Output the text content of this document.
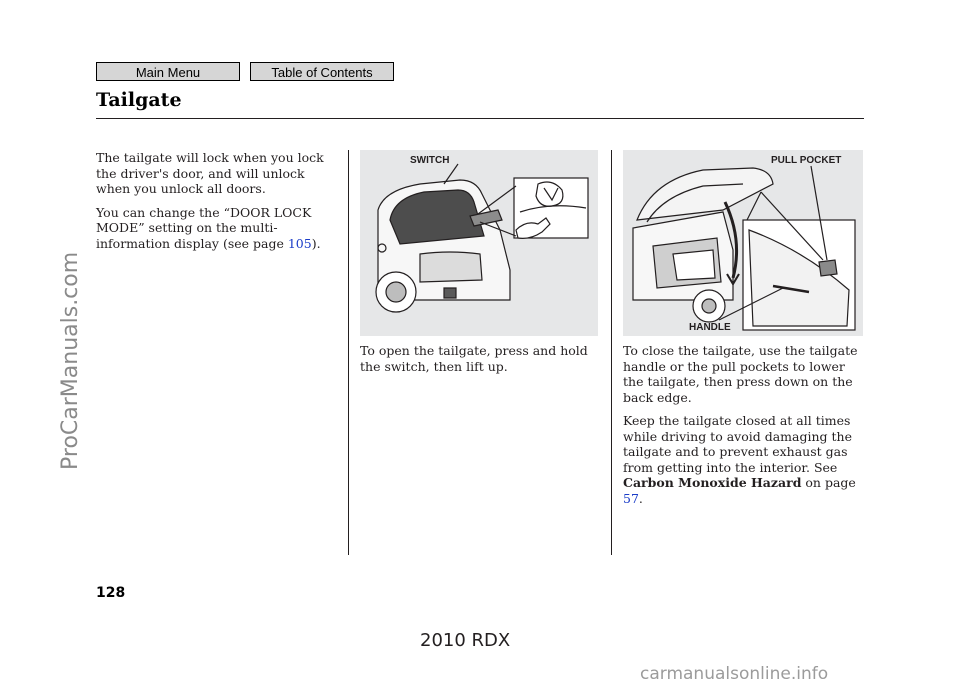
Main Menu	Table of Contents
Tailgate

The tailgate will lock when you lock the driver's door, and will unlock when you unlock all doors.

You can change the “DOOR LOCK
MODE” setting on the multi-
information display (see page 105).

SWITCH

To open the tailgate, press and hold the switch, then lift up.

PULL POCKET
HANDLE

To close the tailgate, use the tailgate handle or the pull pockets to lower the tailgate, then press down on the back edge.

Keep the tailgate closed at all times while driving to avoid damaging the tailgate and to prevent exhaust gas from getting into the interior. See Carbon Monoxide Hazard on page 57.

128
2010 RDX
ProCarManuals.com
carmanualsonline.info
